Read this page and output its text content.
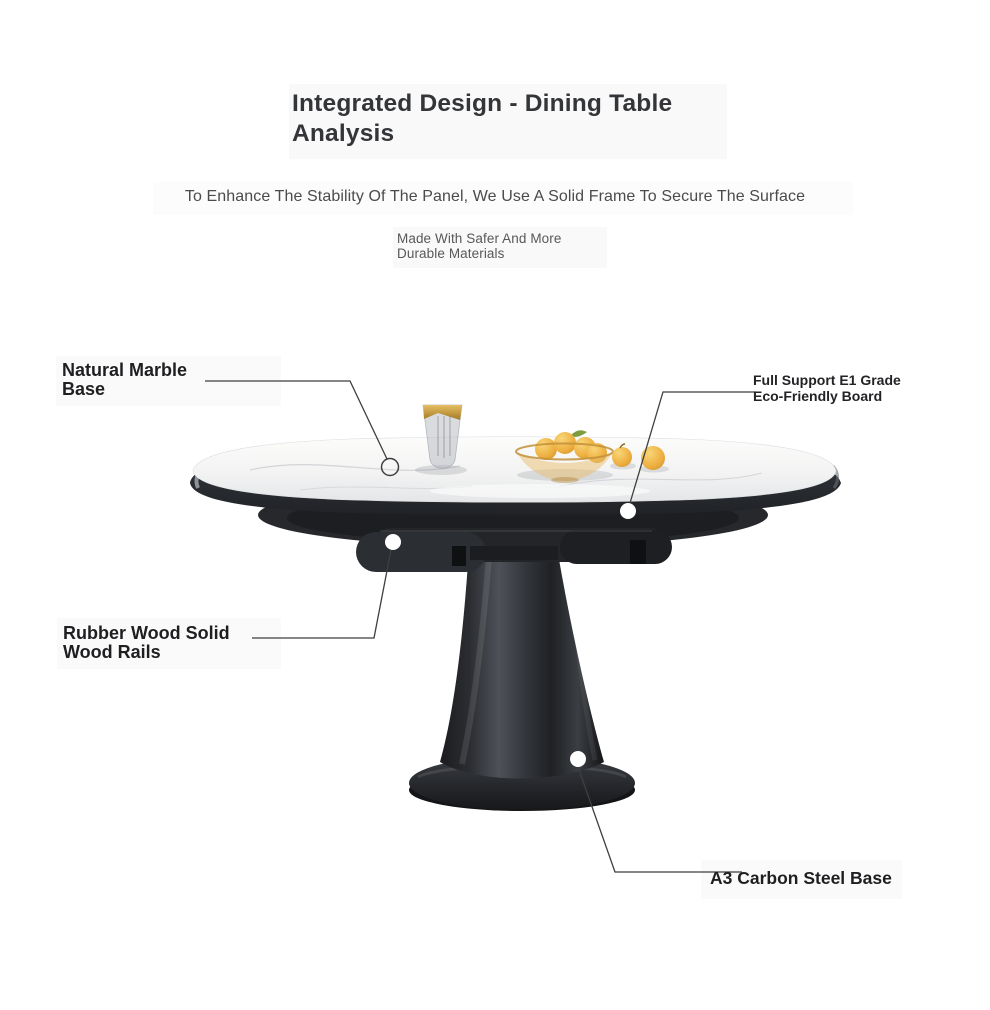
Integrated Design - Dining Table
Analysis
To Enhance The Stability Of The Panel, We Use A Solid Frame To Secure The Surface
Made With Safer And More
Durable Materials
Natural Marble
Base	Full Support E1 Grade
Eco-Friendly Board
Rubber Wood Solid
Wood Rails
A3 Carbon Steel Base
